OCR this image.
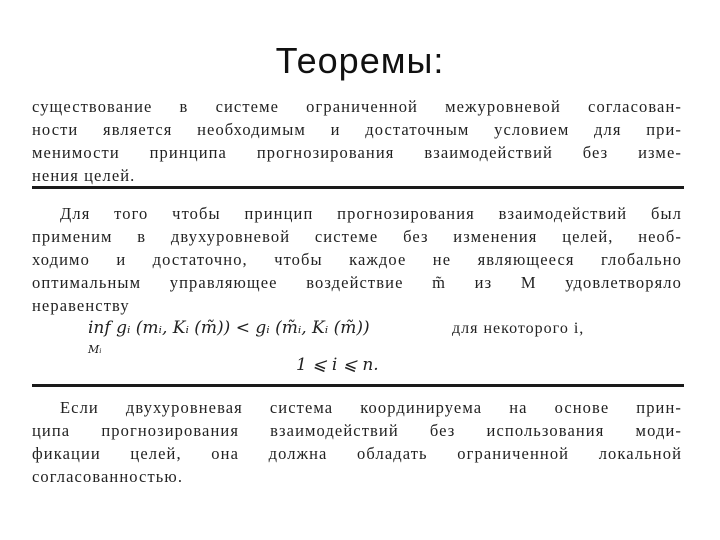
Теоремы:
существование в системе ограниченной межуровневой согласован-
ности является необходимым и достаточным условием для при-
менимости принципа прогнозирования взаимодействий без изме-
нения целей.
Для того чтобы принцип прогнозирования взаимодействий был
применим в двухуровневой системе без изменения целей, необ-
ходимо и достаточно, чтобы каждое не являющееся глобально
оптимальным управляющее воздействие m̃ из M удовлетворяло
неравенству
inf gᵢ (mᵢ, Kᵢ (m̃)) < gᵢ (m̃ᵢ, Kᵢ (m̃))
Mᵢ
для некоторого i,
1 ⩽ i ⩽ n.
Если двухуровневая система координируема на основе прин-
ципа прогнозирования взаимодействий без использования моди-
фикации целей, она должна обладать ограниченной локальной
согласованностью.
